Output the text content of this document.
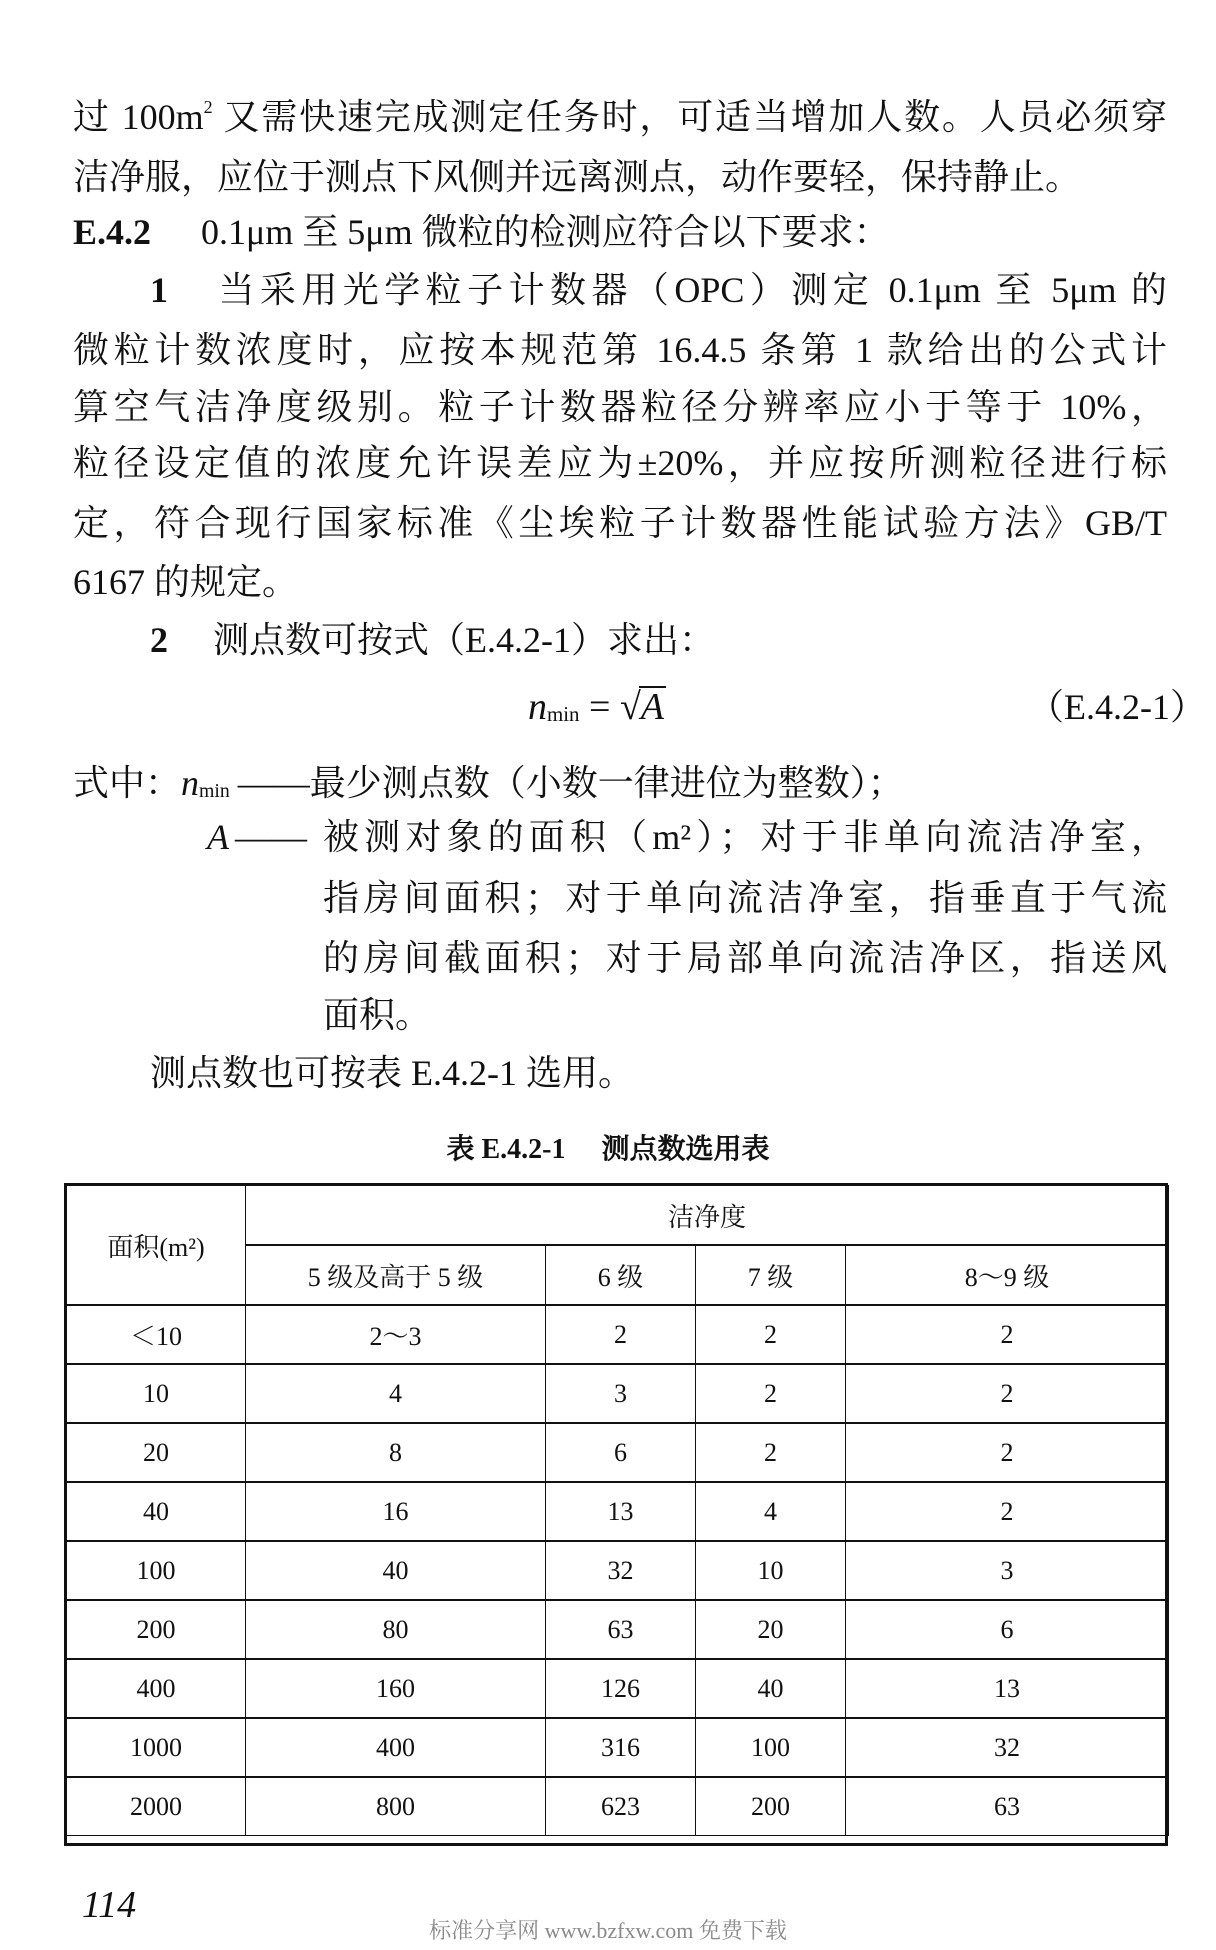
过 $100m^2$ 又需快速完成测定任务时，可适当增加人数。人员必须穿
洁净服，应位于测点下风侧并远离测点，动作要轻，保持静止。
E.4.2 0.1μm 至 5μm 微粒的检测应符合以下要求：
1 当采用光学粒子计数器（OPC）测定 0.1μm 至 5μm 的
微粒计数浓度时，应按本规范第 16.4.5 条第 1 款给出的公式计
算空气洁净度级别。粒子计数器粒径分辨率应小于等于 10%，
粒径设定值的浓度允许误差应为±20%，并应按所测粒径进行标
定，符合现行国家标准《尘埃粒子计数器性能试验方法》GB/T
6167 的规定。
2 测点数可按式（E.4.2-1）求出：
nmin = √A	（E.4.2-1）
式中：nmin ——最少测点数（小数一律进位为整数）；
A —— 被测对象的面积（m²）；对于非单向流洁净室，
指房间面积；对于单向流洁净室，指垂直于气流
的房间截面积；对于局部单向流洁净区，指送风
面积。
测点数也可按表 E.4.2-1 选用。
表 E.4.2-1 测点数选用表
面积(m²)	洁净度			
	5 级及高于 5 级	6 级	7 级	8～9 级
＜10	2～3	2	2	2
10	4	3	2	2
20	8	6	2	2
40	16	13	4	2
100	40	32	10	3
200	80	63	20	6
400	160	126	40	13
1000	400	316	100	32
2000	800	623	200	63
114
标准分享网 www.bzfxw.com 免费下载
